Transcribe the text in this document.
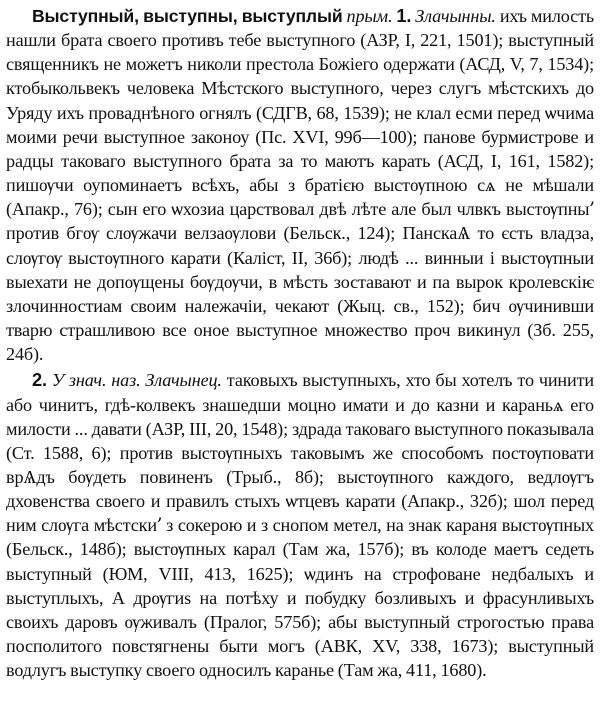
Выступный, выступны, выступлый прым. 1. Злачынны. ихъ милость нашли брата своего противъ тебе выступного (АЗР, I, 221, 1501); выступный священникъ не можетъ николи престола Божіего одержати (АСД, V, 7, 1534); ктобыкольвекъ человека Мѣстского выступного, через слугъ мѣстскихъ до Уряду ихъ проваднѣного огнялъ (СДГВ, 68, 1539); не клал есми перед ѡчима моими речи выступное законоу (Пс. XVI, 99б—100); панове бурмистрове и радцы таковаго выступного брата за то маютъ карать (АСД, I, 161, 1582); пишѹчи оупоминаетъ всѣхъ, абы з братією выстѹпною сѧ не мѣшали (Апакр., 76); сын его ѡхозиа царствовал двѣ лѣте але был члвкъ выстѹпны՚ против бгѹ слѹжачи велзаѹлови (Бельск., 124); ПанскаѦ то єсть владза, слѹгѹ выстѹпного карати (Каліст, II, 36б); людѣ ... винныи і выстѹпныи выехати не допѹщены бѹдѹчи, в мѣсть зоставают и па вырок кролевскіѥ злочинностиам своим належачіи, чекают (Жыц. св., 152); бич ѹчинивши тварю страшливою все оное выступное множество проч викинул (Зб. 255, 24б).

2. У знач. наз. Злачынец. таковыхъ выступныхъ, хто бы хотелъ то чинити або чинитъ, гдѣ-колвекъ знашедши моцно имати и до казни и караньѧ его милости ... давати (АЗР, III, 20, 1548); здрада таковаго выступного показывала (Ст. 1588, 6); против выстѹпныхъ таковымъ же способомъ постѹповати врѦдъ бѹдеть повиненъ (Трыб., 8б); выстѹпного каждого, ведлѹгъ дховенства своего и правилъ стыхъ ѡтцевъ карати (Апакр., 32б); шол перед ним слѹга мѣстски՚ з сокерою и з снопом метел, на знак караня выстѹпных (Бельск., 148б); выстѹпных карал (Там жа, 157б); въ колоде маетъ седеть выступный (ЮМ, VIII, 413, 1625); ѡдинъ на строфоване недбалыхъ и выступлыхъ, А дрѹгиѕ на потѣху и побудку бозливыхъ и фрасунливыхъ своихъ даровъ ѹживалъ (Пралог, 575б); абы выступный строгостью права посполитого повстягнены быти могъ (АВК, XV, 338, 1673); выступный водлугъ выступку своего односилъ каранье (Там жа, 411, 1680).
